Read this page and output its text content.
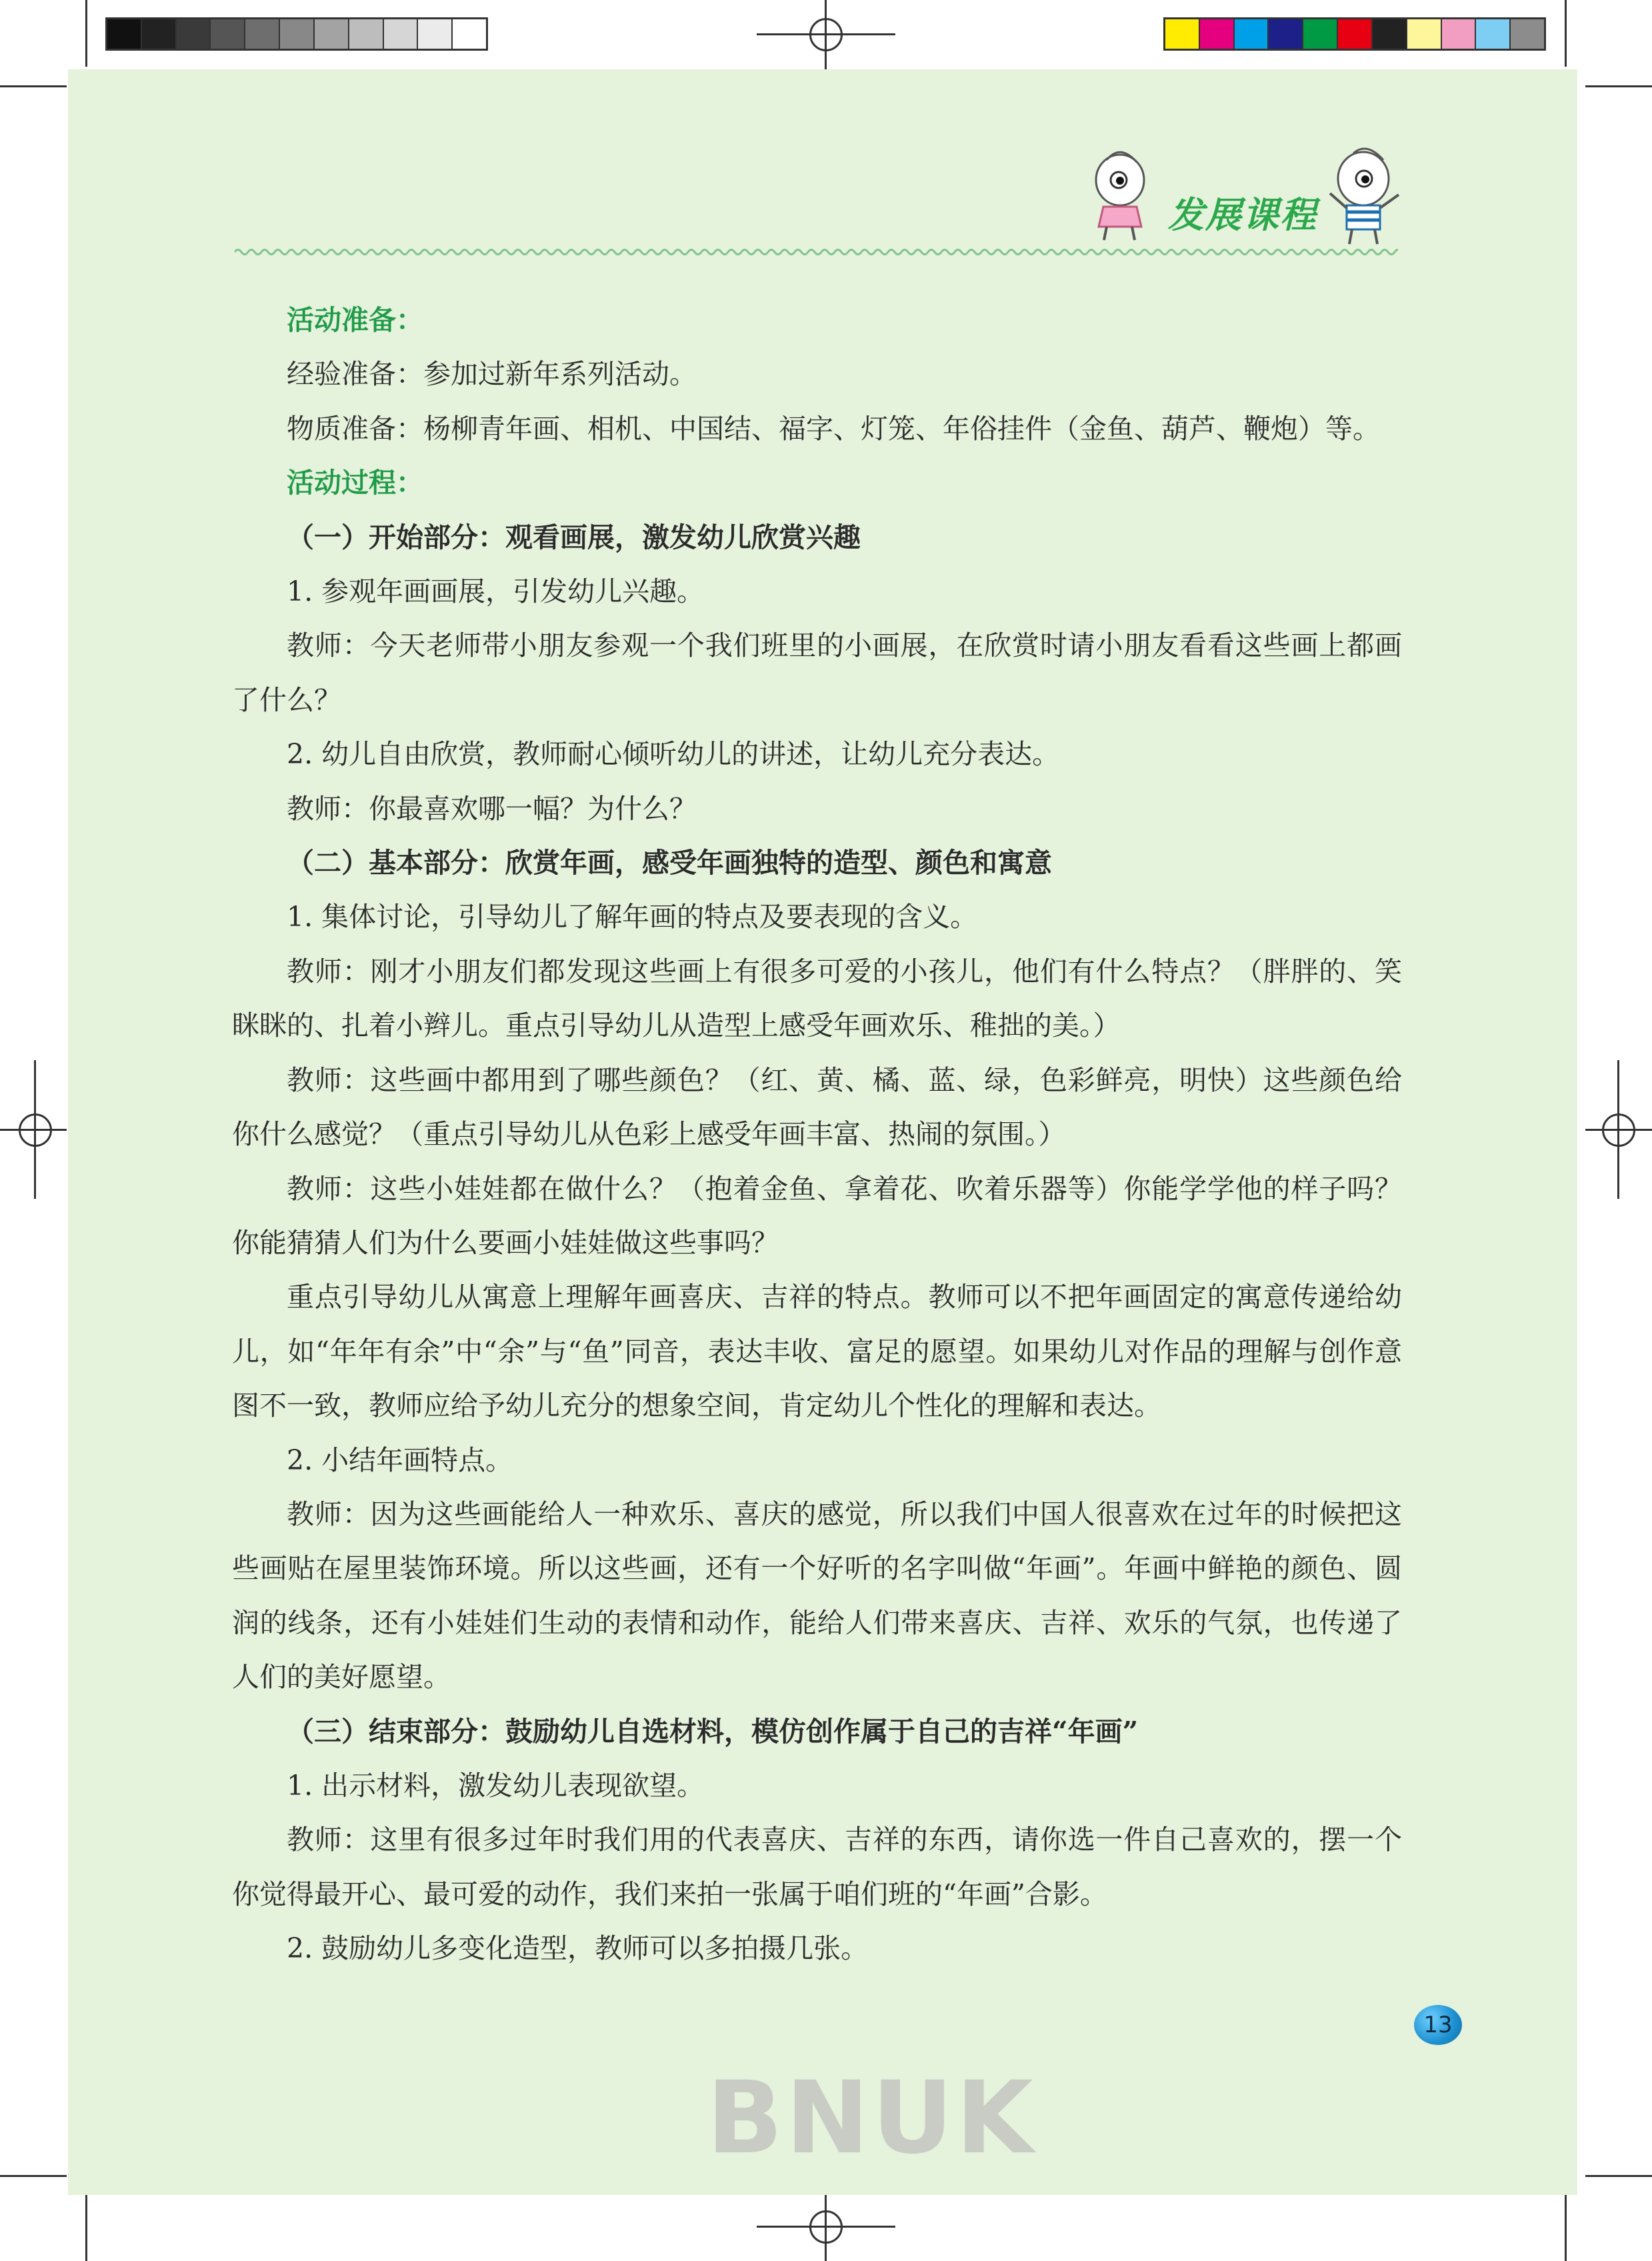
发展课程

活动准备：

经验准备：参加过新年系列活动。

物质准备：杨柳青年画、相机、中国结、福字、灯笼、年俗挂件（金鱼、葫芦、鞭炮）等。

活动过程：

（一）开始部分：观看画展，激发幼儿欣赏兴趣

1. 参观年画画展，引发幼儿兴趣。

教师：今天老师带小朋友参观一个我们班里的小画展，在欣赏时请小朋友看看这些画上都画了什么？

2. 幼儿自由欣赏，教师耐心倾听幼儿的讲述，让幼儿充分表达。

教师：你最喜欢哪一幅？为什么？

（二）基本部分：欣赏年画，感受年画独特的造型、颜色和寓意

1. 集体讨论，引导幼儿了解年画的特点及要表现的含义。

教师：刚才小朋友们都发现这些画上有很多可爱的小孩儿，他们有什么特点？（胖胖的、笑眯眯的、扎着小辫儿。重点引导幼儿从造型上感受年画欢乐、稚拙的美。）

教师：这些画中都用到了哪些颜色？（红、黄、橘、蓝、绿，色彩鲜亮，明快）这些颜色给你什么感觉？（重点引导幼儿从色彩上感受年画丰富、热闹的氛围。）

教师：这些小娃娃都在做什么？（抱着金鱼、拿着花、吹着乐器等）你能学学他的样子吗？你能猜猜人们为什么要画小娃娃做这些事吗？

重点引导幼儿从寓意上理解年画喜庆、吉祥的特点。教师可以不把年画固定的寓意传递给幼儿，如“年年有余”中“余”与“鱼”同音，表达丰收、富足的愿望。如果幼儿对作品的理解与创作意图不一致，教师应给予幼儿充分的想象空间，肯定幼儿个性化的理解和表达。

2. 小结年画特点。

教师：因为这些画能给人一种欢乐、喜庆的感觉，所以我们中国人很喜欢在过年的时候把这些画贴在屋里装饰环境。所以这些画，还有一个好听的名字叫做“年画”。年画中鲜艳的颜色、圆润的线条，还有小娃娃们生动的表情和动作，能给人们带来喜庆、吉祥、欢乐的气氛，也传递了人们的美好愿望。

（三）结束部分：鼓励幼儿自选材料，模仿创作属于自己的吉祥“年画”

1. 出示材料，激发幼儿表现欲望。

教师：这里有很多过年时我们用的代表喜庆、吉祥的东西，请你选一件自己喜欢的，摆一个你觉得最开心、最可爱的动作，我们来拍一张属于咱们班的“年画”合影。

2. 鼓励幼儿多变化造型，教师可以多拍摄几张。

13
BNUK
